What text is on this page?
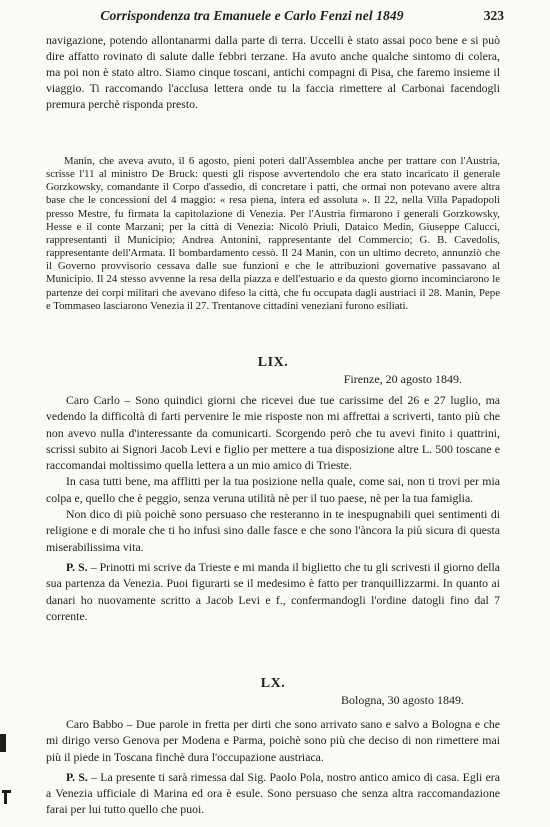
Corrispondenza tra Emanuele e Carlo Fenzi nel 1849	323

navigazione, potendo allontanarmi dalla parte di terra. Uccelli è stato assai poco bene e si può dire affatto rovinato di salute dalle febbri terzane. Ha avuto anche qualche sintomo di colera, ma poi non è stato altro. Siamo cinque toscani, antichi compagni di Pisa, che faremo insieme il viaggio. Ti raccomando l'acclusa lettera onde tu la faccia rimettere al Carbonai facendogli premura perchè risponda presto.

Manin, che aveva avuto, il 6 agosto, pieni poteri dall'Assemblea anche per trattare con l'Austria, scrisse l'11 al ministro De Bruck: questi gli rispose avvertendolo che era stato incaricato il generale Gorzkowsky, comandante il Corpo d'assedio, di concretare i patti, che ormai non potevano avere altra base che le concessioni del 4 maggio: « resa piena, intera ed assoluta ». Il 22, nella Villa Papadopoli presso Mestre, fu firmata la capitolazione di Venezia. Per l'Austria firmarono i generali Gorzkowsky, Hesse e il conte Marzani; per la città di Venezia: Nicolò Priuli, Dataico Medin, Giuseppe Calucci, rappresentanti il Municipio; Andrea Antonini, rappresentante del Commercio; G. B. Cavedolis, rappresentante dell'Armata. Il bombardamento cessò. Il 24 Manin, con un ultimo decreto, annunziò che il Governo provvisorio cessava dalle sue funzioni e che le attribuzioni governative passavano al Municipio. Il 24 stesso avvenne la resa della piazza e dell'estuario e da questo giorno incominciarono le partenze dei corpi militari che avevano difeso la città, che fu occupata dagli austriaci il 28. Manin, Pepe e Tommaseo lasciarono Venezia il 27. Trentanove cittadini veneziani furono esiliati.

LIX.
Firenze, 20 agosto 1849.

Caro Carlo – Sono quindici giorni che ricevei due tue carissime del 26 e 27 luglio, ma vedendo la difficoltà di farti pervenire le mie risposte non mi affrettai a scriverti, tanto più che non avevo nulla d'interessante da comunicarti. Scorgendo però che tu avevi finito i quattrini, scrissi subito ai Signori Jacob Levi e figlio per mettere a tua disposizione altre L. 500 toscane e raccomandai moltissimo quella lettera a un mio amico di Trieste.

In casa tutti bene, ma afflitti per la tua posizione nella quale, come sai, non ti trovi per mia colpa e, quello che è peggio, senza veruna utilità nè per il tuo paese, nè per la tua famiglia.

Non dico di più poichè sono persuaso che resteranno in te inespugnabili quei sentimenti di religione e di morale che ti ho infusi sino dalle fasce e che sono l'àncora la più sicura di questa miserabilissima vita.

P. S. – Prinotti mi scrive da Trieste e mi manda il biglietto che tu gli scrivesti il giorno della sua partenza da Venezia. Puoi figurarti se il medesimo è fatto per tranquillizzarmi. In quanto ai danari ho nuovamente scritto a Jacob Levi e f., confermandogli l'ordine datogli fino dal 7 corrente.

LX.
Bologna, 30 agosto 1849.

Caro Babbo – Due parole in fretta per dirti che sono arrivato sano e salvo a Bologna e che mi dirigo verso Genova per Modena e Parma, poichè sono più che deciso di non rimettere mai più il piede in Toscana finchè dura l'occupazione austriaca.

P. S. – La presente ti sarà rimessa dal Sig. Paolo Pola, nostro antico amico di casa. Egli era a Venezia ufficiale di Marina ed ora è esule. Sono persuaso che senza altra raccomandazione farai per lui tutto quello che puoi.
